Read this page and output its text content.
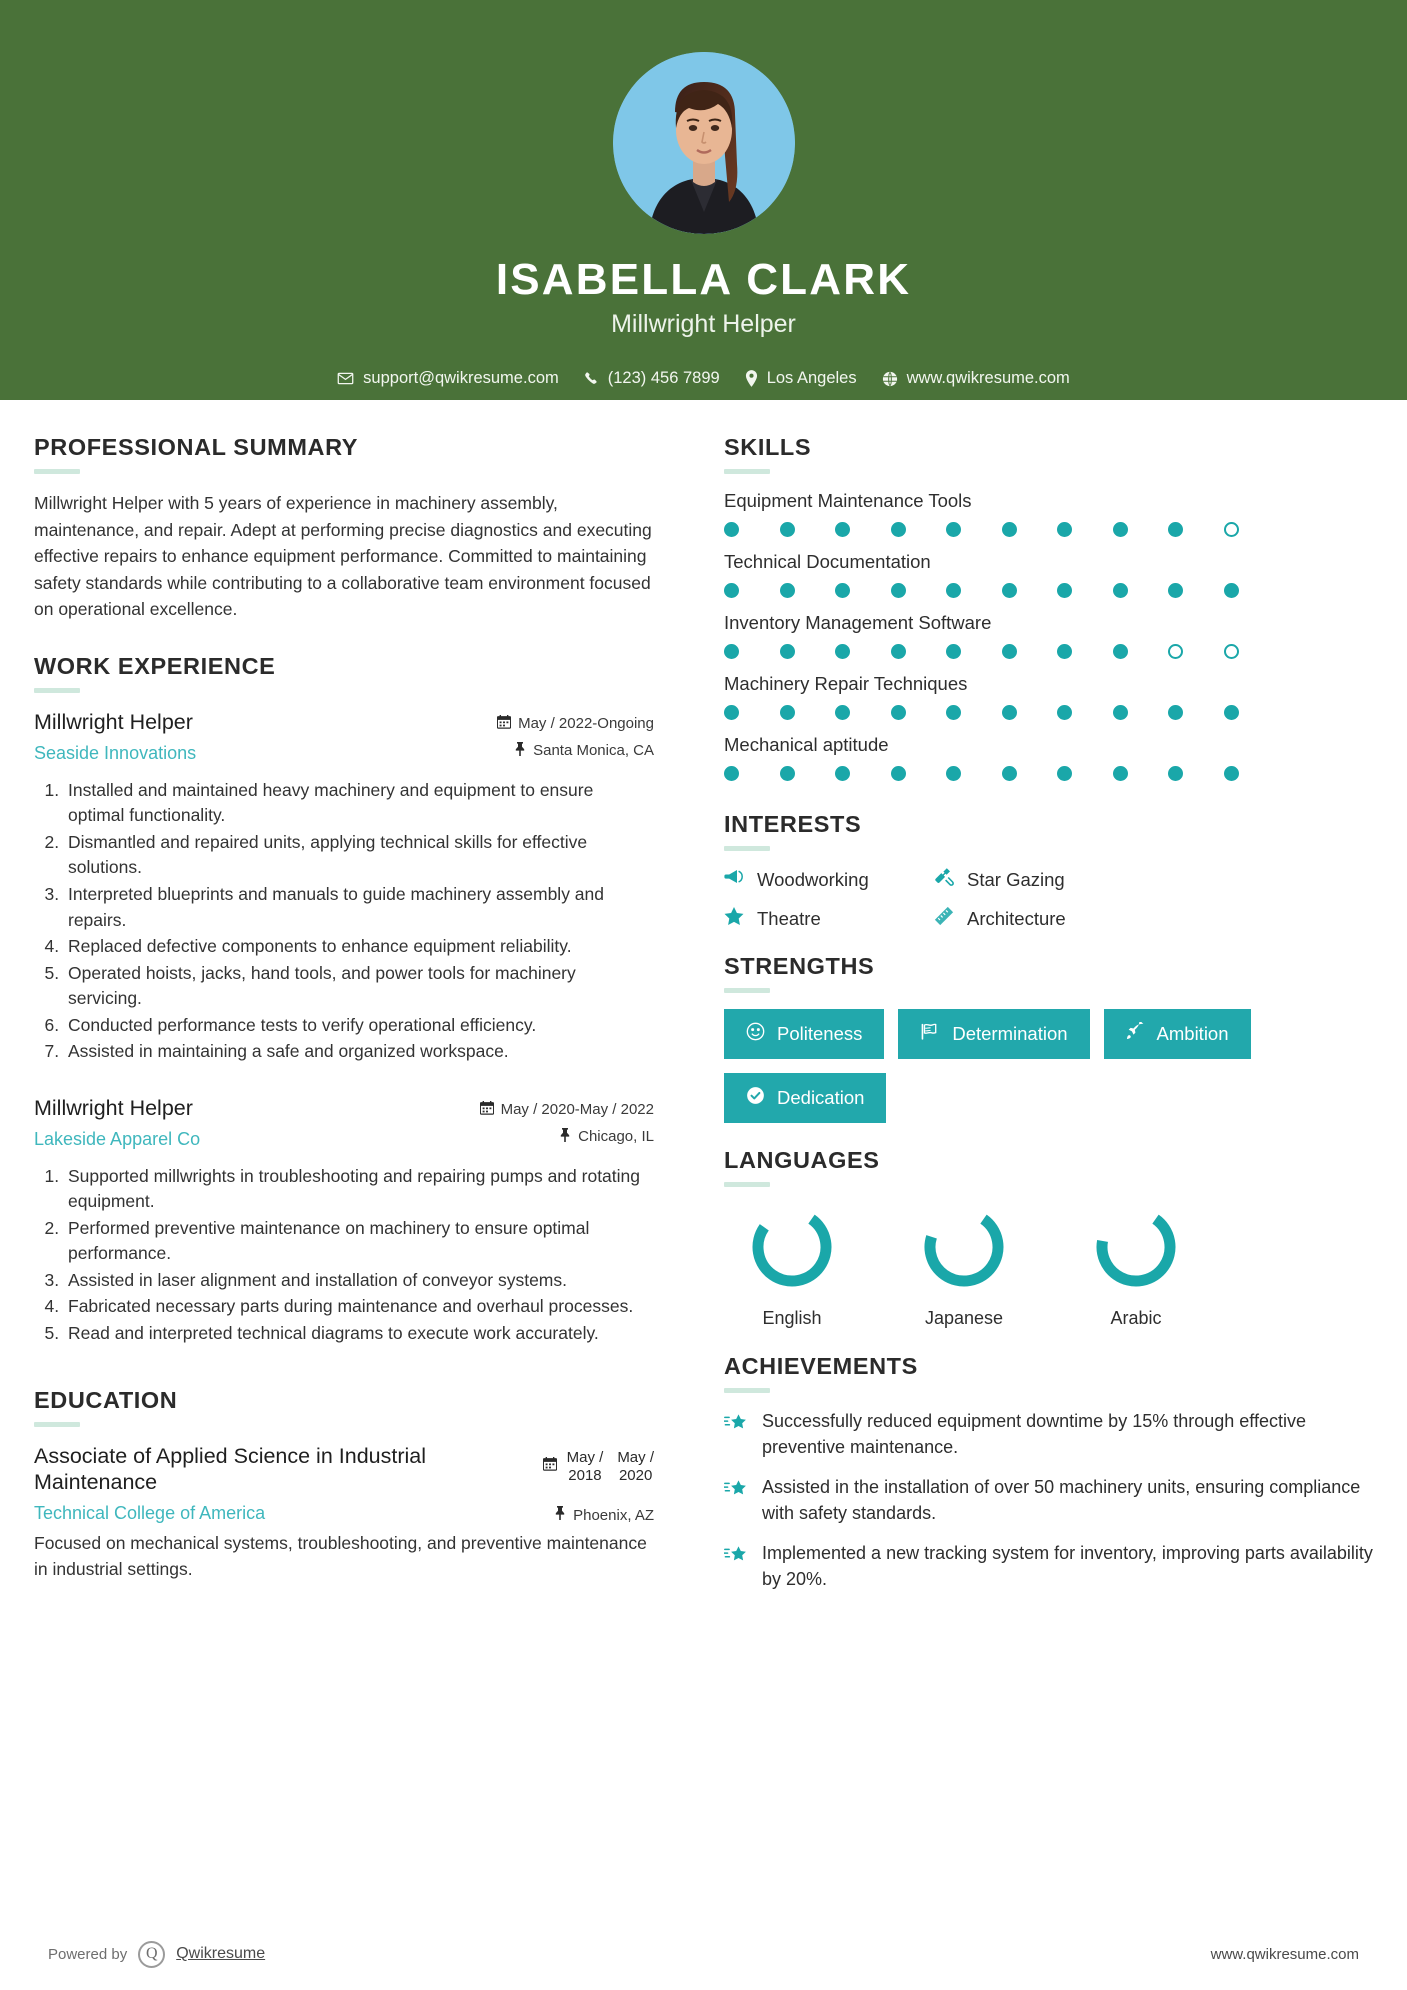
ISABELLA CLARK
Millwright Helper
support@qwikresume.com	(123) 456 7899	Los Angeles	www.qwikresume.com
PROFESSIONAL SUMMARY
Millwright Helper with 5 years of experience in machinery assembly, maintenance, and repair. Adept at performing precise diagnostics and executing effective repairs to enhance equipment performance. Committed to maintaining safety standards while contributing to a collaborative team environment focused on operational excellence.
WORK EXPERIENCE
Millwright Helper
Seaside Innovations
May / 2022-Ongoing
Santa Monica, CA
1. Installed and maintained heavy machinery and equipment to ensure optimal functionality.
2. Dismantled and repaired units, applying technical skills for effective solutions.
3. Interpreted blueprints and manuals to guide machinery assembly and repairs.
4. Replaced defective components to enhance equipment reliability.
5. Operated hoists, jacks, hand tools, and power tools for machinery servicing.
6. Conducted performance tests to verify operational efficiency.
7. Assisted in maintaining a safe and organized workspace.
Millwright Helper
Lakeside Apparel Co
May / 2020-May / 2022
Chicago, IL
1. Supported millwrights in troubleshooting and repairing pumps and rotating equipment.
2. Performed preventive maintenance on machinery to ensure optimal performance.
3. Assisted in laser alignment and installation of conveyor systems.
4. Fabricated necessary parts during maintenance and overhaul processes.
5. Read and interpreted technical diagrams to execute work accurately.
EDUCATION
Associate of Applied Science in Industrial Maintenance
Technical College of America
May /
2018
May /
2020
Phoenix, AZ
Focused on mechanical systems, troubleshooting, and preventive maintenance in industrial settings.
SKILLS
Equipment Maintenance Tools
Technical Documentation
Inventory Management Software
Machinery Repair Techniques
Mechanical aptitude
INTERESTS
Woodworking	Star Gazing
Theatre	Architecture
STRENGTHS
Politeness	Determination	Ambition
Dedication
LANGUAGES
English	Japanese	Arabic
ACHIEVEMENTS
Successfully reduced equipment downtime by 15% through effective preventive maintenance.
Assisted in the installation of over 50 machinery units, ensuring compliance with safety standards.
Implemented a new tracking system for inventory, improving parts availability by 20%.
Powered by	Q	Qwikresume	www.qwikresume.com
